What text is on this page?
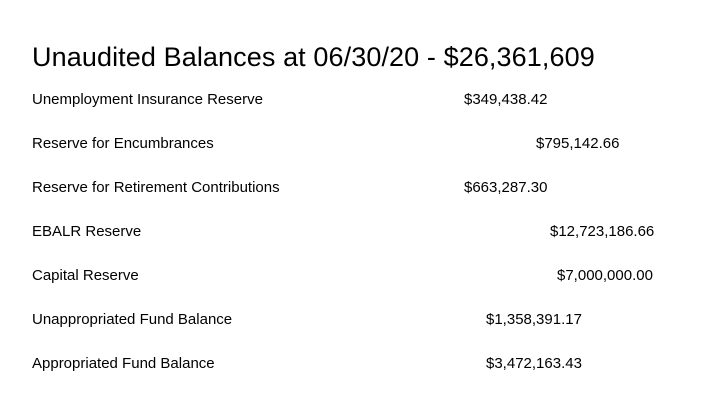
Unaudited Balances at 06/30/20 - $26,361,609
Unemployment Insurance Reserve	$349,438.42
Reserve for Encumbrances	$795,142.66
Reserve for Retirement Contributions	$663,287.30
EBALR Reserve	$12,723,186.66
Capital Reserve	$7,000,000.00
Unappropriated Fund Balance	$1,358,391.17
Appropriated Fund Balance	$3,472,163.43
